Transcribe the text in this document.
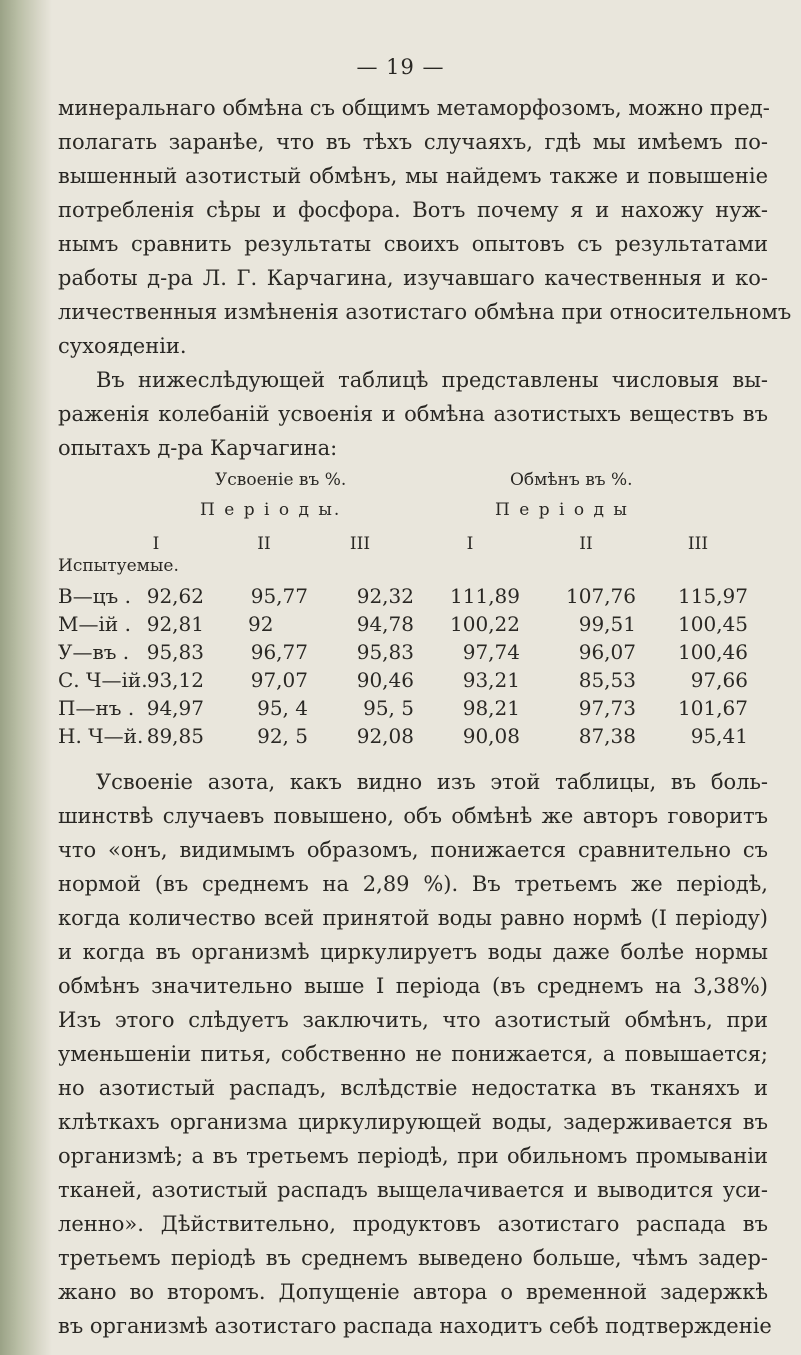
— 19 —
минеральнаго обмѣна съ общимъ метаморфозомъ, можно пред-
полагать заранѣе, что въ тѣхъ случаяхъ, гдѣ мы имѣемъ по-
вышенный азотистый обмѣнъ, мы найдемъ также и повышеніе
потребленія сѣры и фосфора. Вотъ почему я и нахожу нуж-
нымъ сравнить результаты своихъ опытовъ съ результатами
работы д-ра Л. Г. Карчагина, изучавшаго качественныя и ко-
личественныя измѣненія азотистаго обмѣна при относительномъ
сухояденіи.
Въ нижеслѣдующей таблицѣ представлены числовыя вы-
раженія колебаній усвоенія и обмѣна азотистыхъ веществъ въ
опытахъ д-ра Карчагина:
Усвоеніе въ %.	Обмѣнъ въ %.
П е р і о д ы.	П е р і о д ы
I	II	III	I	II	III
Испытуемые.
В—цъ . 92,62	95,77	92,32	111,89	107,76	115,97
М—ій . 92,81 92	94,78	100,22	99,51	100,45
У—въ . 95,83	96,77	95,83	97,74	96,07	100,46
С. Ч—ій. 93,12	97,07	90,46	93,21	85,53	97,66
П—нъ . 94,97	95, 4	95, 5	98,21	97,73	101,67
Н. Ч—й. 89,85	92, 5	92,08	90,08	87,38	95,41
Усвоеніе азота, какъ видно изъ этой таблицы, въ боль-
шинствѣ случаевъ повышено, объ обмѣнѣ же авторъ говоритъ
что «онъ, видимымъ образомъ, понижается сравнительно съ
нормой (въ среднемъ на 2,89 %). Въ третьемъ же періодѣ,
когда количество всей принятой воды равно нормѣ (I періоду)
и когда въ организмѣ циркулируетъ воды даже болѣе нормы
обмѣнъ значительно выше I періода (въ среднемъ на 3,38%)
Изъ этого слѣдуетъ заключить, что азотистый обмѣнъ, при
уменьшеніи питья, собственно не понижается, а повышается;
но азотистый распадъ, вслѣдствіе недостатка въ тканяхъ и
клѣткахъ организма циркулирующей воды, задерживается въ
организмѣ; а въ третьемъ періодѣ, при обильномъ промываніи
тканей, азотистый распадъ выщелачивается и выводится уси-
ленно». Дѣйствительно, продуктовъ азотистаго распада въ
третьемъ періодѣ въ среднемъ выведено больше, чѣмъ задер-
жано во второмъ. Допущеніе автора о временной задержкѣ
въ организмѣ азотистаго распада находитъ себѣ подтвержденіе
